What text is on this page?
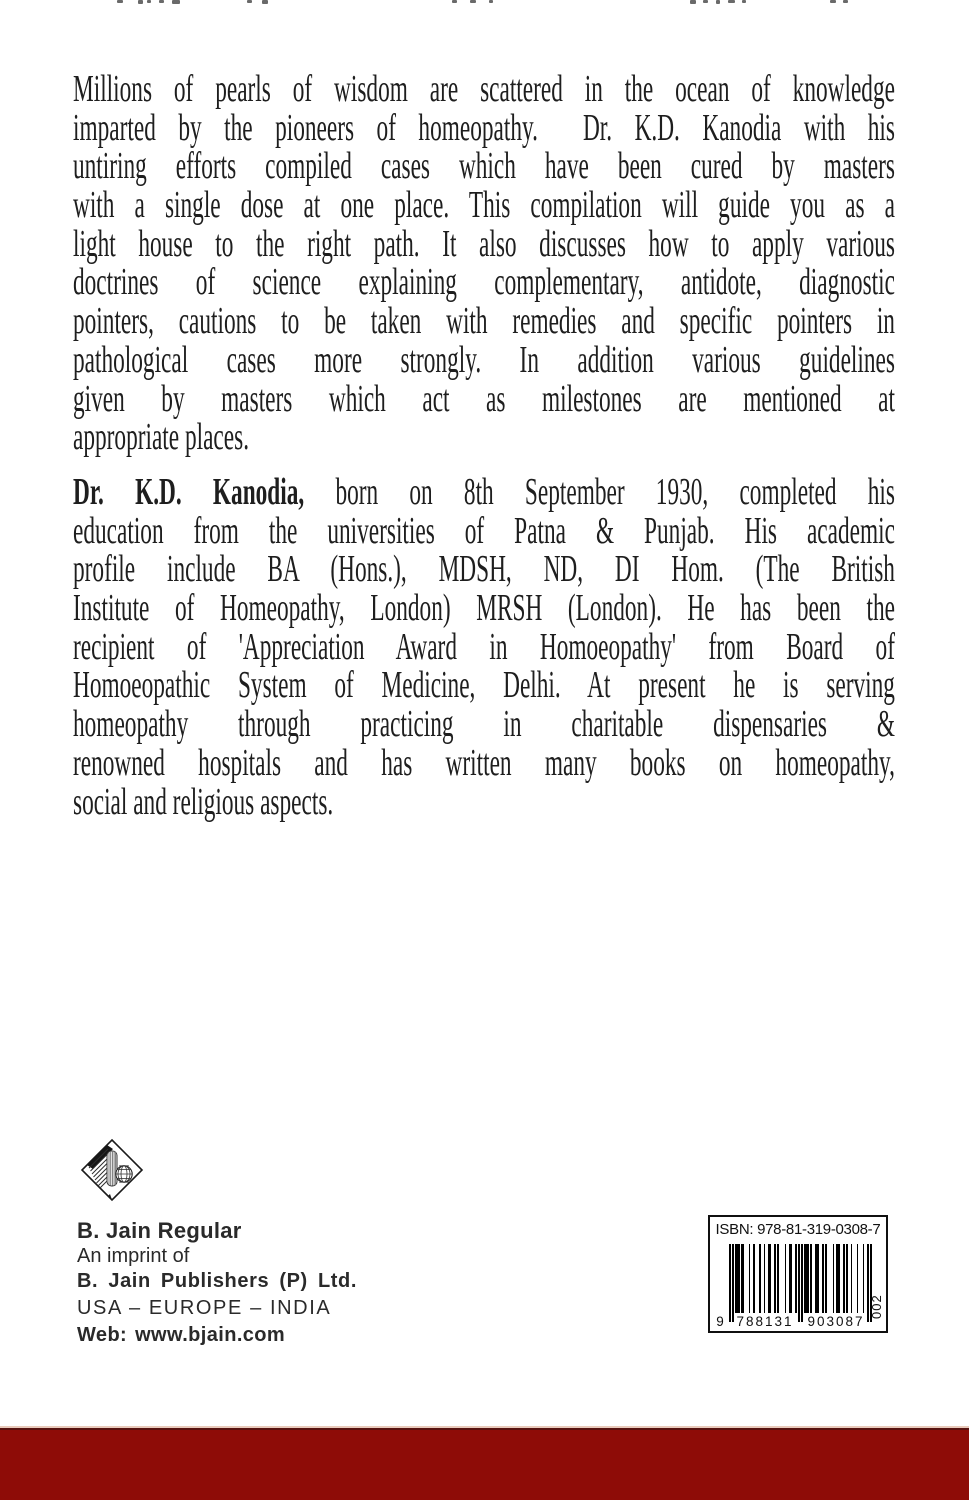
Millions of pearls of wisdom are scattered in the ocean of knowledge
imparted by the pioneers of homeopathy.  Dr. K.D. Kanodia with his
untiring efforts compiled cases which have been cured by masters
with a single dose at one place. This compilation will guide you as a
light house to the right path. It also discusses how to apply various
doctrines of science explaining complementary, antidote, diagnostic
pointers, cautions to be taken with remedies and specific pointers in
pathological cases more strongly. In addition various guidelines
given by masters which act as milestones are mentioned at
appropriate places.
Dr. K.D. Kanodia, born on 8th September 1930, completed his
education from the universities of Patna & Punjab. His academic
profile include BA (Hons.), MDSH, ND, DI Hom. (The British
Institute of Homeopathy, London) MRSH (London). He has been the
recipient of 'Appreciation Award in Homoeopathy' from Board of
Homoeopathic System of Medicine, Delhi. At present he is serving
homeopathy through practicing in charitable dispensaries &
renowned hospitals and has written many books on homeopathy,
social and religious aspects.
B. Jain Regular
An imprint of
B. Jain Publishers (P) Ltd.
USA – EUROPE – INDIA
Web: www.bjain.com
ISBN: 978-81-319-0308-7
9 788131 903087
002
